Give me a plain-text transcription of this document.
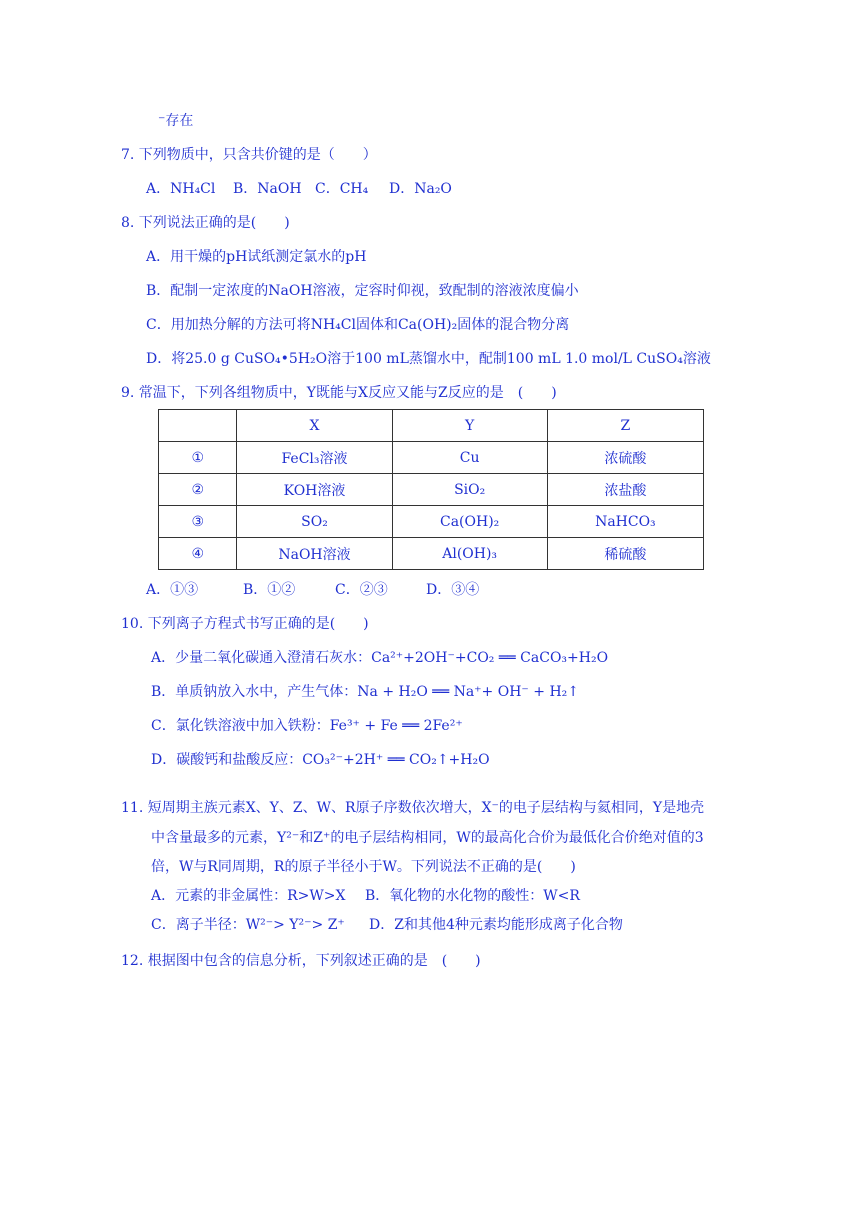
⁻存在
7. 下列物质中，只含共价键的是（　　）
A．NH₄Cl B．NaOH C．CH₄ D．Na₂O
8. 下列说法正确的是(　　)
A．用干燥的pH试纸测定氯水的pH
B．配制一定浓度的NaOH溶液，定容时仰视，致配制的溶液浓度偏小
C．用加热分解的方法可将NH₄Cl固体和Ca(OH)₂固体的混合物分离
D．将25.0 g CuSO₄•5H₂O溶于100 mL蒸馏水中，配制100 mL 1.0 mol/L CuSO₄溶液
9. 常温下，下列各组物质中，Y既能与X反应又能与Z反应的是　(　　)
	X	Y	Z
①	FeCl₃溶液	Cu	浓硫酸
②	KOH溶液	SiO₂	浓盐酸
③	SO₂	Ca(OH)₂	NaHCO₃
④	NaOH溶液	Al(OH)₃	稀硫酸
A．①③	B．①②	C．②③	D．③④
10. 下列离子方程式书写正确的是(　　)
A．少量二氧化碳通入澄清石灰水：Ca²⁺+2OH⁻+CO₂ ══ CaCO₃+H₂O
B．单质钠放入水中，产生气体：Na + H₂O ══ Na⁺+ OH⁻ + H₂↑
C．氯化铁溶液中加入铁粉：Fe³⁺ + Fe ══ 2Fe²⁺
D．碳酸钙和盐酸反应：CO₃²⁻+2H⁺ ══ CO₂↑+H₂O
11. 短周期主族元素X、Y、Z、W、R原子序数依次增大，X⁻的电子层结构与氦相同，Y是地壳
中含量最多的元素，Y²⁻和Z⁺的电子层结构相同，W的最高化合价为最低化合价绝对值的3
倍，W与R同周期，R的原子半径小于W。下列说法不正确的是(　　)
A．元素的非金属性：R>W>X B．氧化物的水化物的酸性：W<R
C．离子半径：W²⁻> Y²⁻> Z⁺ D．Z和其他4种元素均能形成离子化合物
12. 根据图中包含的信息分析，下列叙述正确的是　(　　)
